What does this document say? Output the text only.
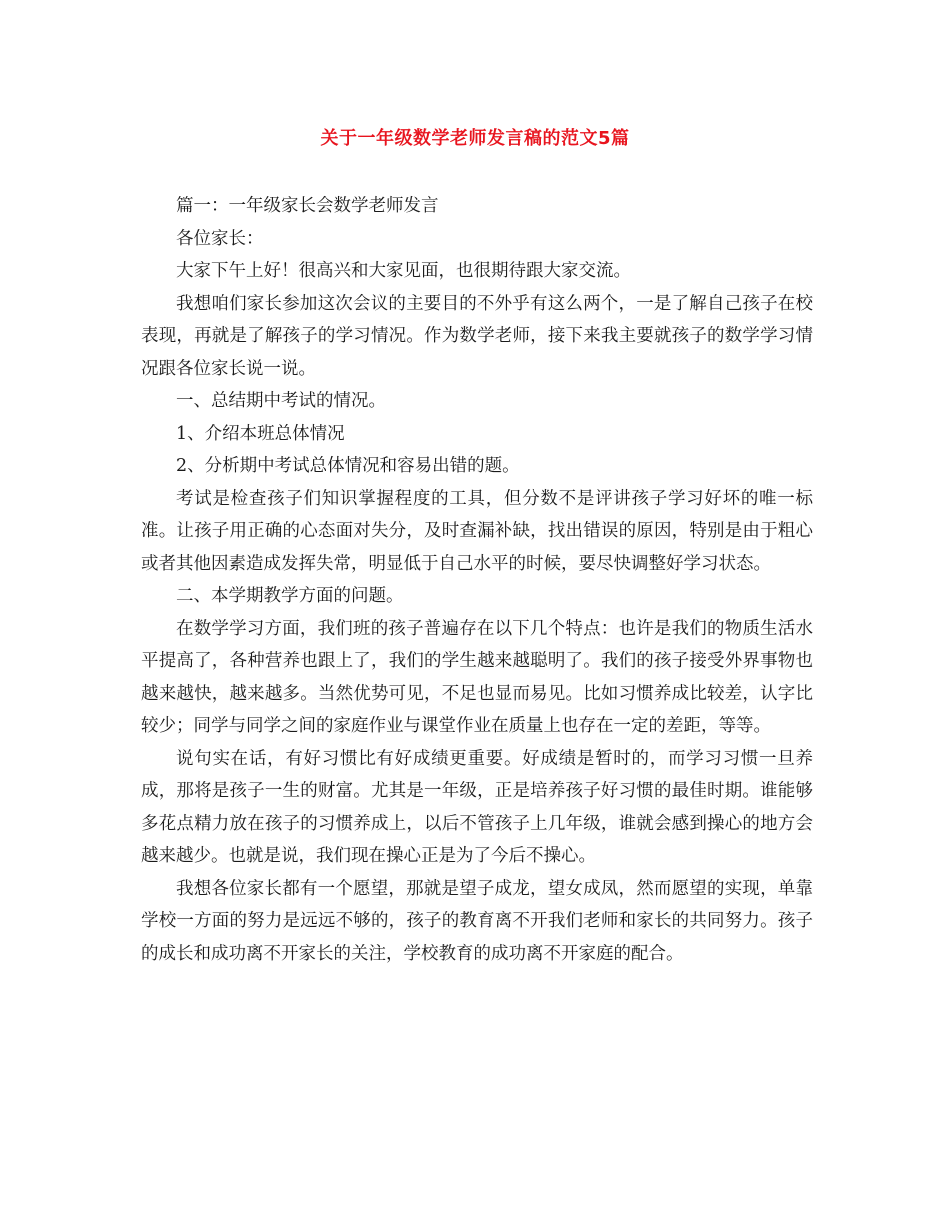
关于一年级数学老师发言稿的范文5篇

篇一：一年级家长会数学老师发言

各位家长：

大家下午上好！很高兴和大家见面，也很期待跟大家交流。

我想咱们家长参加这次会议的主要目的不外乎有这么两个，一是了解自己孩子在校表现，再就是了解孩子的学习情况。作为数学老师，接下来我主要就孩子的数学学习情况跟各位家长说一说。

一、总结期中考试的情况。

1、介绍本班总体情况

2、分析期中考试总体情况和容易出错的题。

考试是检查孩子们知识掌握程度的工具，但分数不是评讲孩子学习好坏的唯一标准。让孩子用正确的心态面对失分，及时查漏补缺，找出错误的原因，特别是由于粗心或者其他因素造成发挥失常，明显低于自己水平的时候，要尽快调整好学习状态。

二、本学期教学方面的问题。

在数学学习方面，我们班的孩子普遍存在以下几个特点：也许是我们的物质生活水平提高了，各种营养也跟上了，我们的学生越来越聪明了。我们的孩子接受外界事物也越来越快，越来越多。当然优势可见，不足也显而易见。比如习惯养成比较差，认字比较少；同学与同学之间的家庭作业与课堂作业在质量上也存在一定的差距，等等。

说句实在话，有好习惯比有好成绩更重要。好成绩是暂时的，而学习习惯一旦养成，那将是孩子一生的财富。尤其是一年级，正是培养孩子好习惯的最佳时期。谁能够多花点精力放在孩子的习惯养成上，以后不管孩子上几年级，谁就会感到操心的地方会越来越少。也就是说，我们现在操心正是为了今后不操心。

我想各位家长都有一个愿望，那就是望子成龙，望女成凤，然而愿望的实现，单靠学校一方面的努力是远远不够的，孩子的教育离不开我们老师和家长的共同努力。孩子的成长和成功离不开家长的关注，学校教育的成功离不开家庭的配合。
